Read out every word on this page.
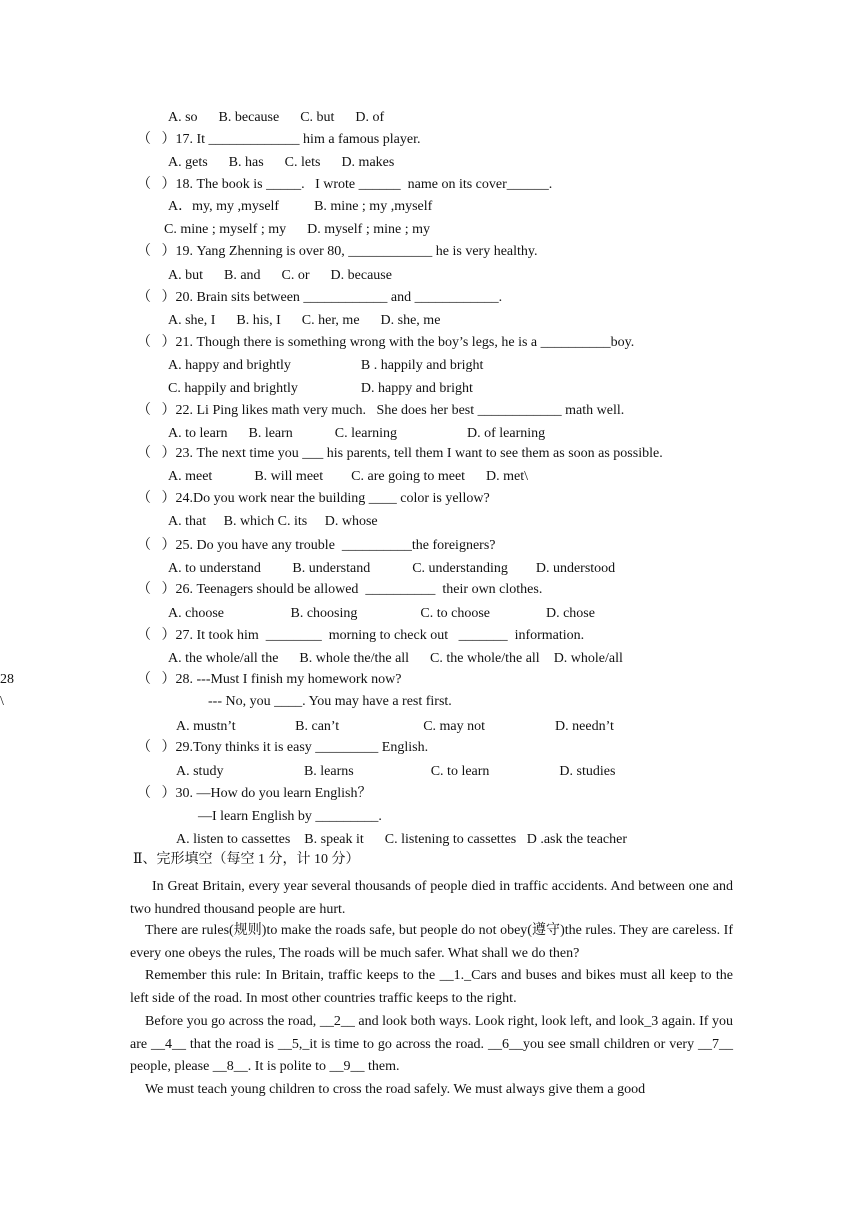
A. so      B. because      C. but      D. of
（   ）17. It _____________ him a famous player.
A. gets      B. has      C. lets      D. makes
（   ）18. The book is _____.   I wrote ______  name on its cover______.
A．my, my ,myself          B. mine ; my ,myself
C. mine ; myself ; my      D. myself ; mine ; my
（   ）19. Yang Zhenning is over 80, ____________ he is very healthy.
A. but      B. and      C. or      D. because
（   ）20. Brain sits between ____________ and ____________.
A. she, I      B. his, I      C. her, me      D. she, me
（   ）21. Though there is something wrong with the boy’s legs, he is a __________boy.
A. happy and brightly                    B . happily and bright
C. happily and brightly                  D. happy and bright
（   ）22. Li Ping likes math very much.   She does her best ____________ math well.
A. to learn      B. learn            C. learning                    D. of learning
（   ）23. The next time you ___ his parents, tell them I want to see them as soon as possible.
A. meet            B. will meet        C. are going to meet      D. met\
（   ）24.Do you work near the building ____ color is yellow?
A. that     B. which C. its     D. whose
（   ）25. Do you have any trouble  __________the foreigners?
A. to understand         B. understand            C. understanding        D. understood
（   ）26. Teenagers should be allowed  __________  their own clothes.
A. choose                   B. choosing                  C. to choose                D. chose
（   ）27. It took him  ________  morning to check out   _______  information.
A. the whole/all the      B. whole the/the all      C. the whole/the all    D. whole/all
28	（   ）28. ---Must I finish my homework now?
\	--- No, you ____. You may have a rest first.
A. mustn’t                 B. can’t                        C. may not                    D. needn’t
（   ）29.Tony thinks it is easy _________ English.
A. study                       B. learns                      C. to learn                    D. studies
（   ）30. —How do you learn English？
—I learn English by _________.
A. listen to cassettes    B. speak it      C. listening to cassettes   D .ask the teacher
Ⅱ、完形填空（每空 1 分，计 10 分）
In Great Britain, every year several thousands of people died in traffic accidents. And between one and two hundred thousand people are hurt.
There are rules(规则)to make the roads safe, but people do not obey(遵守)the rules. They are careless. If every one obeys the rules, The roads will be much safer. What shall we do then?
Remember this rule: In Britain, traffic keeps to the __1._Cars and buses and bikes must all keep to the left side of the road. In most other countries traffic keeps to the right.
Before you go across the road, __2__ and look both ways. Look right, look left, and look_3 again. If you are __4__ that the road is __5,_it is time to go across the road. __6__you see small children or very __7__ people, please __8__. It is polite to __9__ them.
We must teach young children to cross the road safely. We must always give them a good
